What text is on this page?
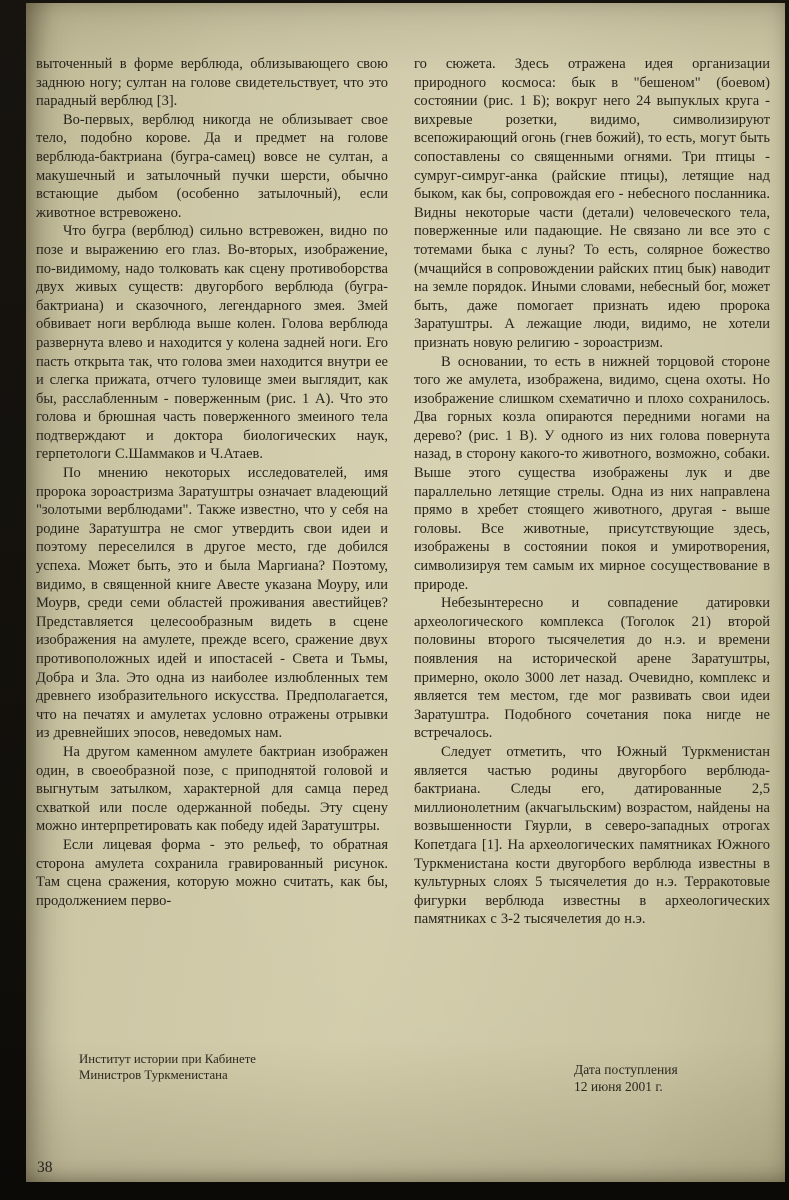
выточенный в форме верблюда, облизывающего свою заднюю ногу; султан на голове свидетельствует, что это парадный верблюд [3].

Во-первых, верблюд никогда не облизывает свое тело, подобно корове. Да и предмет на голове верблюда-бактриана (бугра-самец) вовсе не султан, а макушечный и затылочный пучки шерсти, обычно встающие дыбом (особенно затылочный), если животное встревожено.

Что бугра (верблюд) сильно встревожен, видно по позе и выражению его глаз. Во-вторых, изображение, по-видимому, надо толковать как сцену противоборства двух живых существ: двугорбого верблюда (бугра-бактриана) и сказочного, легендарного змея. Змей обвивает ноги верблюда выше колен. Голова верблюда развернута влево и находится у колена задней ноги. Его пасть открыта так, что голова змеи находится внутри ее и слегка прижата, отчего туловище змеи выглядит, как бы, расслабленным - поверженным (рис. 1 А). Что это голова и брюшная часть поверженного змеиного тела подтверждают и доктора биологических наук, герпетологи С.Шаммаков и Ч.Атаев.

По мнению некоторых исследователей, имя пророка зороастризма Заратуштры означает владеющий "золотыми верблюдами". Также известно, что у себя на родине Заратуштра не смог утвердить свои идеи и поэтому переселился в другое место, где добился успеха. Может быть, это и была Маргиана? Поэтому, видимо, в священной книге Авесте указана Моуру, или Моурв, среди семи областей проживания авестийцев? Представляется целесообразным видеть в сцене изображения на амулете, прежде всего, сражение двух противоположных идей и ипостасей - Света и Тьмы, Добра и Зла. Это одна из наиболее излюбленных тем древнего изобразительного искусства. Предполагается, что на печатях и амулетах условно отражены отрывки из древнейших эпосов, неведомых нам.

На другом каменном амулете бактриан изображен один, в своеобразной позе, с приподнятой головой и выгнутым затылком, характерной для самца перед схваткой или после одержанной победы. Эту сцену можно интерпретировать как победу идей Заратуштры.

Если лицевая форма - это рельеф, то обратная сторона амулета сохранила гравированный рисунок. Там сцена сражения, которую можно считать, как бы, продолжением перво-

го сюжета. Здесь отражена идея организации природного космоса: бык в "бешеном" (боевом) состоянии (рис. 1 Б); вокруг него 24 выпуклых круга - вихревые розетки, видимо, символизируют всепожирающий огонь (гнев божий), то есть, могут быть сопоставлены со священными огнями. Три птицы - сумруг-симруг-анка (райские птицы), летящие над быком, как бы, сопровождая его - небесного посланника. Видны некоторые части (детали) человеческого тела, поверженные или падающие. Не связано ли все это с тотемами быка с луны? То есть, солярное божество (мчащийся в сопровождении райских птиц бык) наводит на земле порядок. Иными словами, небесный бог, может быть, даже помогает признать идею пророка Заратуштры. А лежащие люди, видимо, не хотели признать новую религию - зороастризм.

В основании, то есть в нижней торцовой стороне того же амулета, изображена, видимо, сцена охоты. Но изображение слишком схематично и плохо сохранилось. Два горных козла опираются передними ногами на дерево? (рис. 1 В). У одного из них голова повернута назад, в сторону какого-то животного, возможно, собаки. Выше этого существа изображены лук и две параллельно летящие стрелы. Одна из них направлена прямо в хребет стоящего животного, другая - выше головы. Все животные, присутствующие здесь, изображены в состоянии покоя и умиротворения, символизируя тем самым их мирное сосуществование в природе.

Небезынтересно и совпадение датировки археологического комплекса (Тоголок 21) второй половины второго тысячелетия до н.э. и времени появления на исторической арене Заратуштры, примерно, около 3000 лет назад. Очевидно, комплекс и является тем местом, где мог развивать свои идеи Заратуштра. Подобного сочетания пока нигде не встречалось.

Следует отметить, что Южный Туркменистан является частью родины двугорбого верблюда-бактриана. Следы его, датированные 2,5 миллионолетним (акчагыльским) возрастом, найдены на возвышенности Гяурли, в северо-западных отрогах Копетдага [1]. На археологических памятниках Южного Туркменистана кости двугорбого верблюда известны в культурных слоях 5 тысячелетия до н.э. Терракотовые фигурки верблюда известны в археологических памятниках с 3-2 тысячелетия до н.э.

Институт истории при Кабинете
Министров Туркменистана	Дата поступления
12 июня 2001 г.
38
